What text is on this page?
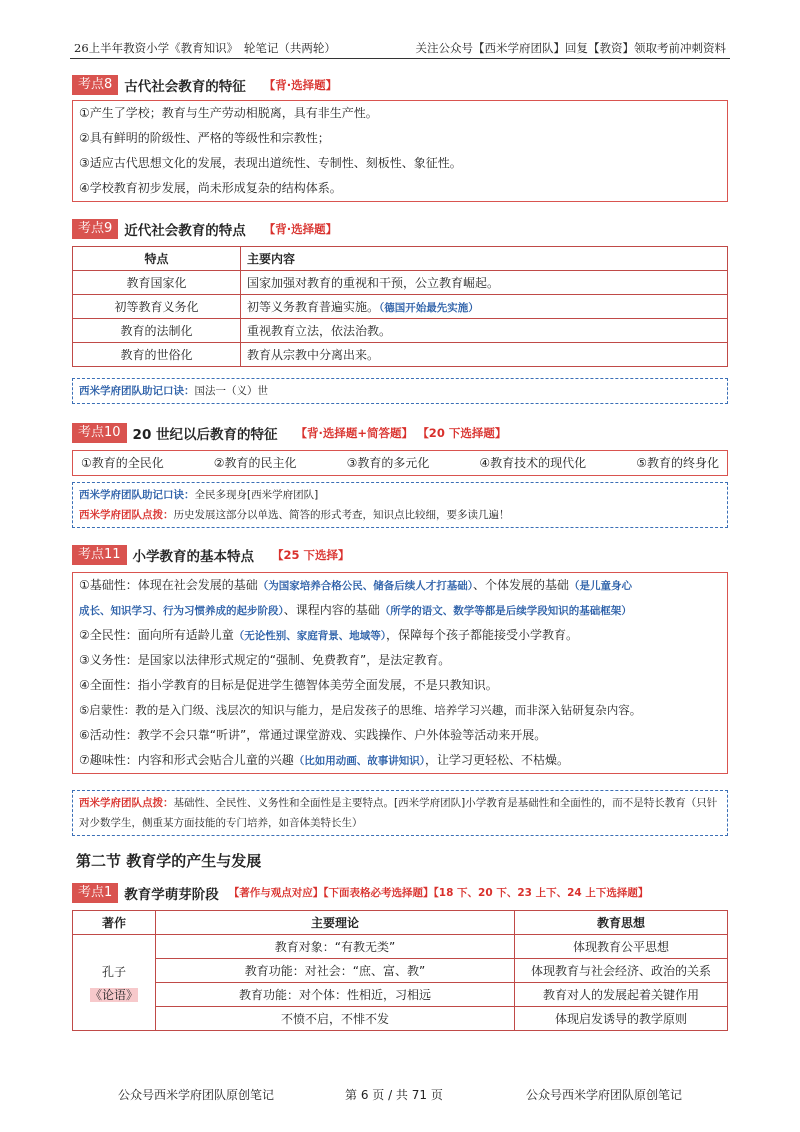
26上半年教资小学《教育知识》　轮笔记（共两轮）	关注公众号【西米学府团队】回复【教资】领取考前冲刺资料
考点8 古代社会教育的特征 【背·选择题】
①产生了学校；教育与生产劳动相脱离，具有非生产性。
②具有鲜明的阶级性、严格的等级性和宗教性；
③适应古代思想文化的发展，表现出道统性、专制性、刻板性、象征性。
④学校教育初步发展，尚未形成复杂的结构体系。
考点9 近代社会教育的特点 【背·选择题】
特点	主要内容
教育国家化	国家加强对教育的重视和干预，公立教育崛起。
初等教育义务化	初等义务教育普遍实施。（德国开始最先实施）
教育的法制化	重视教育立法，依法治教。
教育的世俗化	教育从宗教中分离出来。
西米学府团队助记口诀：国法一（义）世
考点10 20 世纪以后教育的特征 【背·选择题+简答题】 【20 下选择题】
①教育的全民化	②教育的民主化	③教育的多元化	④教育技术的现代化	⑤教育的终身化
西米学府团队助记口诀：全民多现身[西米学府团队]
西米学府团队点拨：历史发展这部分以单选、简答的形式考查，知识点比较细，要多读几遍！
考点11 小学教育的基本特点 【25 下选择】
①基础性：体现在社会发展的基础（为国家培养合格公民、储备后续人才打基础）、个体发展的基础（是儿童身心
成长、知识学习、行为习惯养成的起步阶段）、课程内容的基础（所学的语文、数学等都是后续学段知识的基础框架）
②全民性：面向所有适龄儿童（无论性别、家庭背景、地域等），保障每个孩子都能接受小学教育。
③义务性：是国家以法律形式规定的“强制、免费教育”，是法定教育。
④全面性：指小学教育的目标是促进学生德智体美劳全面发展，不是只教知识。
⑤启蒙性：教的是入门级、浅层次的知识与能力，是启发孩子的思维、培养学习兴趣，而非深入钻研复杂内容。
⑥活动性：教学不会只靠“听讲”，常通过课堂游戏、实践操作、户外体验等活动来开展。
⑦趣味性：内容和形式会贴合儿童的兴趣（比如用动画、故事讲知识），让学习更轻松、不枯燥。
西米学府团队点拨：基础性、全民性、义务性和全面性是主要特点。[西米学府团队]小学教育是基础性和全面性的，而不是特长教育（只针对少数学生，侧重某方面技能的专门培养，如音体美特长生）
第二节 教育学的产生与发展
考点1 教育学萌芽阶段 【著作与观点对应】【下面表格必考选择题】【18 下、20 下、23 上下、24 上下选择题】
著作	主要理论	教育思想

孔子
《论语》	教育对象：“有教无类”	体现教育公平思想
	教育功能：对社会：“庶、富、教”	体现教育与社会经济、政治的关系
	教育功能：对个体：性相近，习相远	教育对人的发展起着关键作用
	不愤不启，不悱不发	体现启发诱导的教学原则
公众号西米学府团队原创笔记	第 6 页 / 共 71 页	公众号西米学府团队原创笔记
